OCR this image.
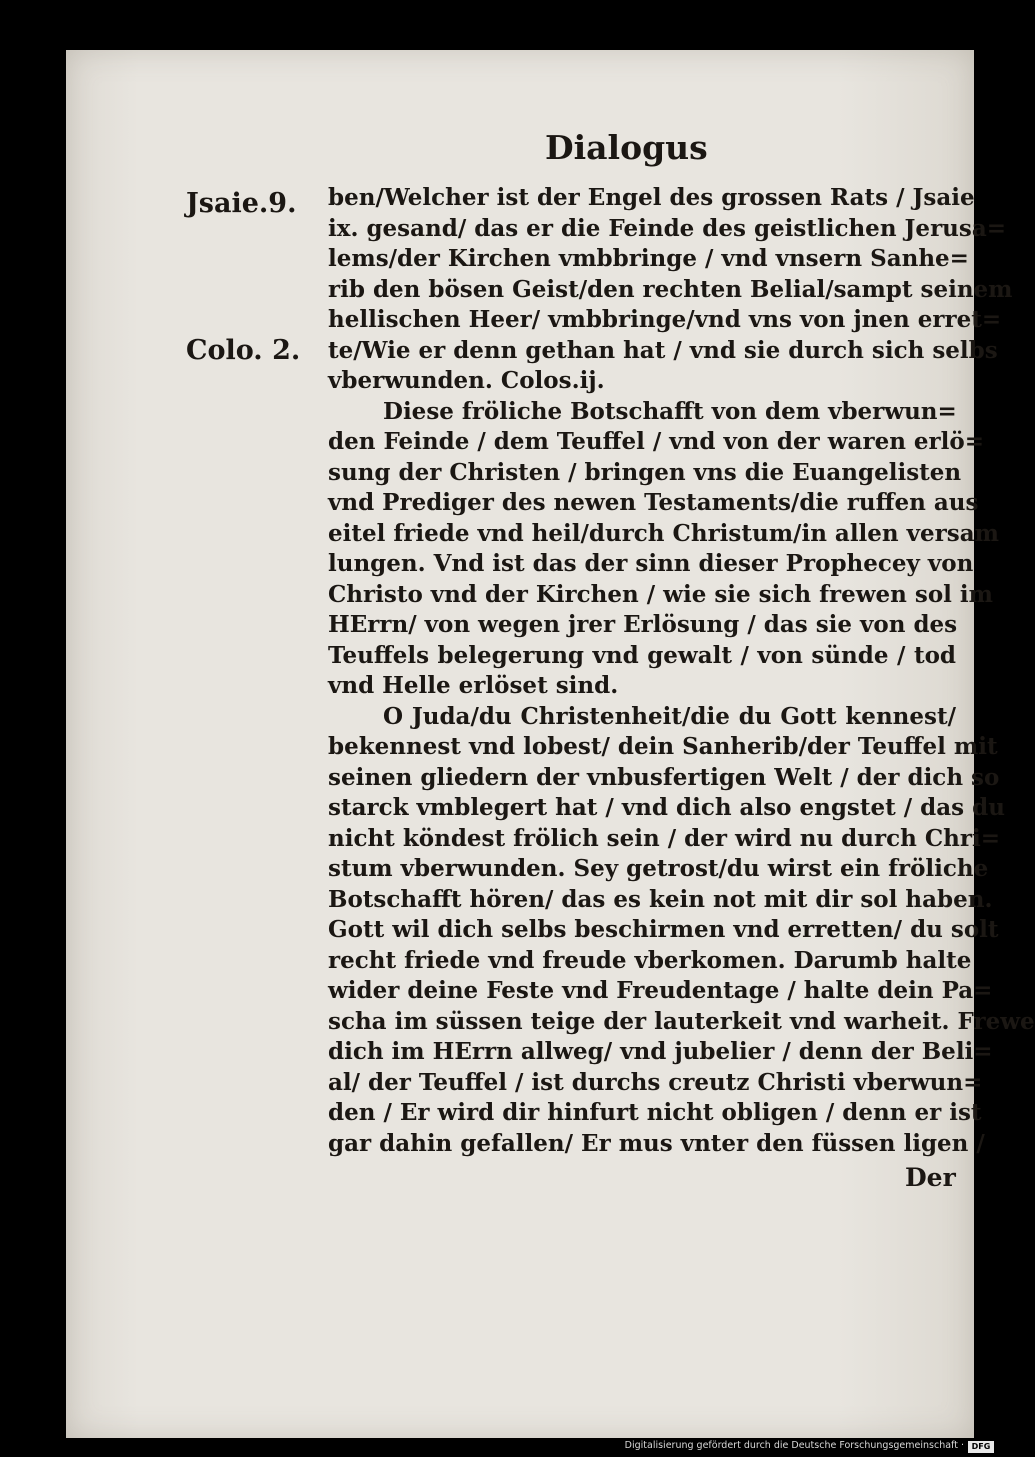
Dialogus
Jsaie.9.
Colo. 2.
ben/Welcher ist der Engel des grossen Rats / Jsaie
ix. gesand/ das er die Feinde des geistlichen Jerusa=
lems/der Kirchen vmbbringe / vnd vnsern Sanhe=
rib den bösen Geist/den rechten Belial/sampt seinem
hellischen Heer/ vmbbringe/vnd vns von jnen erret=
te/Wie er denn gethan hat / vnd sie durch sich selbs
vberwunden. Colos.ij.
Diese fröliche Botschafft von dem vberwun=
den Feinde / dem Teuffel / vnd von der waren erlö=
sung der Christen / bringen vns die Euangelisten
vnd Prediger des newen Testaments/die ruffen aus
eitel friede vnd heil/durch Christum/in allen versam
lungen. Vnd ist das der sinn dieser Prophecey von
Christo vnd der Kirchen / wie sie sich frewen sol im
HErrn/ von wegen jrer Erlösung / das sie von des
Teuffels belegerung vnd gewalt / von sünde / tod
vnd Helle erlöset sind.
O Juda/du Christenheit/die du Gott kennest/
bekennest vnd lobest/ dein Sanherib/der Teuffel mit
seinen gliedern der vnbusfertigen Welt / der dich so
starck vmblegert hat / vnd dich also engstet / das du
nicht köndest frölich sein / der wird nu durch Chri=
stum vberwunden. Sey getrost/du wirst ein fröliche
Botschafft hören/ das es kein not mit dir sol haben.
Gott wil dich selbs beschirmen vnd erretten/ du solt
recht friede vnd freude vberkomen. Darumb halte
wider deine Feste vnd Freudentage / halte dein Pa=
scha im süssen teige der lauterkeit vnd warheit. Frewe
dich im HErrn allweg/ vnd jubelier / denn der Beli=
al/ der Teuffel / ist durchs creutz Christi vberwun=
den / Er wird dir hinfurt nicht obligen / denn er ist
gar dahin gefallen/ Er mus vnter den füssen ligen /
Der
Digitalisierung gefördert durch die Deutsche Forschungsgemeinschaft · DFG
